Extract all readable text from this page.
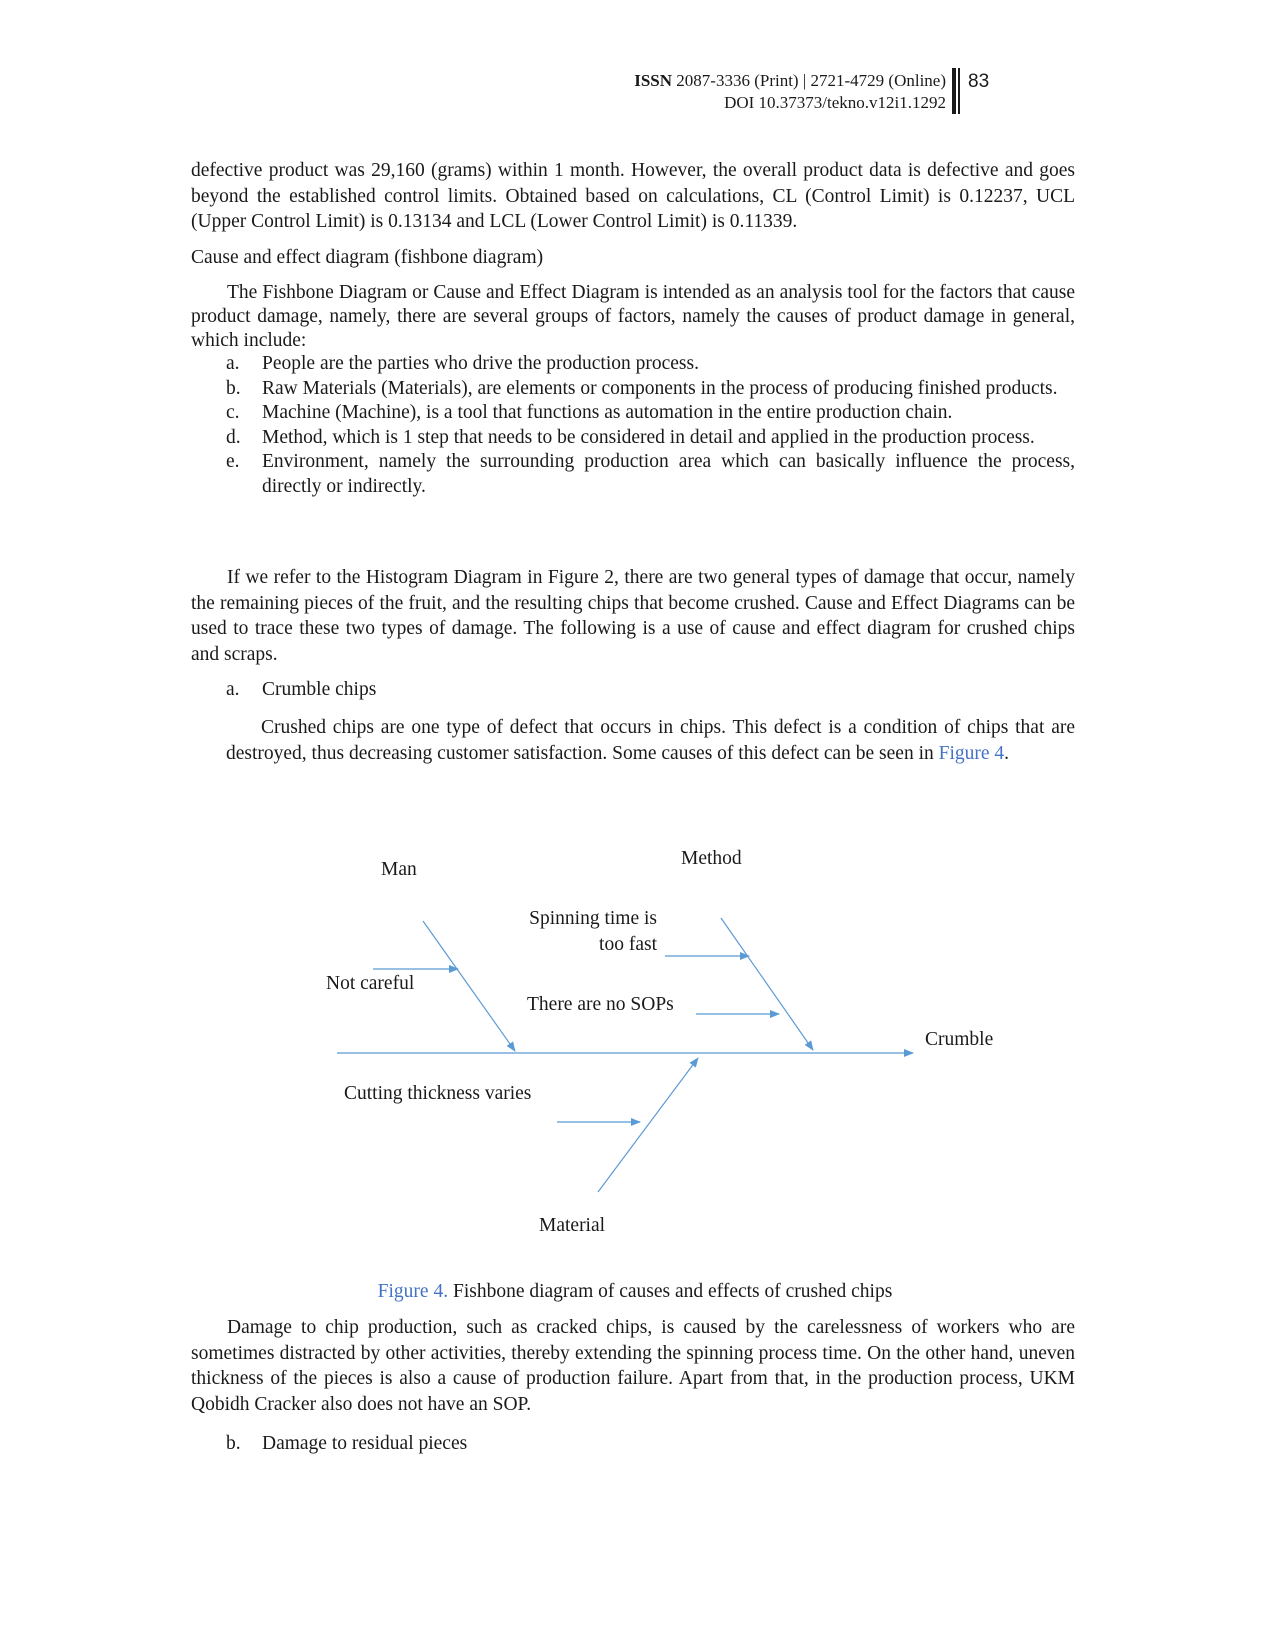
ISSN 2087-3336 (Print) | 2721-4729 (Online)
DOI 10.37373/tekno.v12i1.1292
83

defective product was 29,160 (grams) within 1 month. However, the overall product data is defective and goes beyond the established control limits. Obtained based on calculations, CL (Control Limit) is 0.12237, UCL (Upper Control Limit) is 0.13134 and LCL (Lower Control Limit) is 0.11339.

Cause and effect diagram (fishbone diagram)

The Fishbone Diagram or Cause and Effect Diagram is intended as an analysis tool for the factors that cause product damage, namely, there are several groups of factors, namely the causes of product damage in general, which include:

a.	People are the parties who drive the production process.
b.	Raw Materials (Materials), are elements or components in the process of producing finished products.
c.	Machine (Machine), is a tool that functions as automation in the entire production chain.
d.	Method, which is 1 step that needs to be considered in detail and applied in the production process.
e.	Environment, namely the surrounding production area which can basically influence the process, directly or indirectly.

If we refer to the Histogram Diagram in Figure 2, there are two general types of damage that occur, namely the remaining pieces of the fruit, and the resulting chips that become crushed. Cause and Effect Diagrams can be used to trace these two types of damage. The following is a use of cause and effect diagram for crushed chips and scraps.

a.	Crumble chips

Crushed chips are one type of defect that occurs in chips. This defect is a condition of chips that are destroyed, thus decreasing customer satisfaction. Some causes of this defect can be seen in Figure 4.

Man
Method
Material
Crumble
Not careful
Spinning time is
too fast
There are no SOPs
Cutting thickness varies
Figure 4. Fishbone diagram of causes and effects of crushed chips

Damage to chip production, such as cracked chips, is caused by the carelessness of workers who are sometimes distracted by other activities, thereby extending the spinning process time. On the other hand, uneven thickness of the pieces is also a cause of production failure. Apart from that, in the production process, UKM Qobidh Cracker also does not have an SOP.

b.	Damage to residual pieces
